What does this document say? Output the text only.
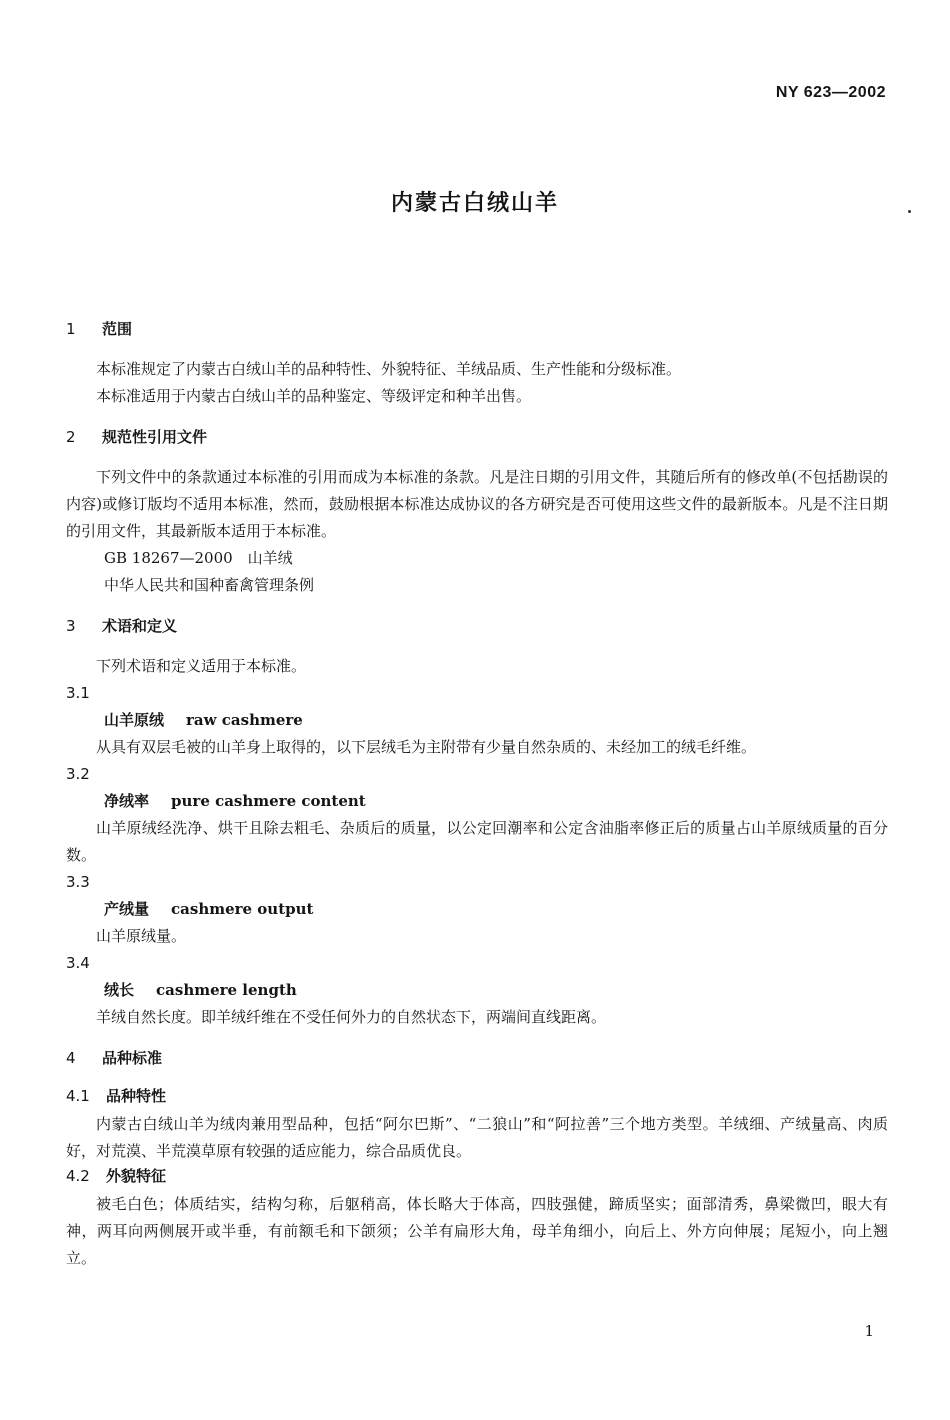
NY 623—2002
内蒙古白绒山羊
1 范围

本标准规定了内蒙古白绒山羊的品种特性、外貌特征、羊绒品质、生产性能和分级标准。

本标准适用于内蒙古白绒山羊的品种鉴定、等级评定和种羊出售。

2 规范性引用文件

下列文件中的条款通过本标准的引用而成为本标准的条款。凡是注日期的引用文件，其随后所有的修改单(不包括勘误的内容)或修订版均不适用本标准，然而，鼓励根据本标准达成协议的各方研究是否可使用这些文件的最新版本。凡是不注日期的引用文件，其最新版本适用于本标准。

GB 18267—2000　山羊绒

中华人民共和国种畜禽管理条例

3 术语和定义

下列术语和定义适用于本标准。

3.1

山羊原绒 raw cashmere

从具有双层毛被的山羊身上取得的，以下层绒毛为主附带有少量自然杂质的、未经加工的绒毛纤维。

3.2

净绒率 pure cashmere content

山羊原绒经洗净、烘干且除去粗毛、杂质后的质量，以公定回潮率和公定含油脂率修正后的质量占山羊原绒质量的百分数。

3.3

产绒量 cashmere output

山羊原绒量。

3.4

绒长 cashmere length

羊绒自然长度。即羊绒纤维在不受任何外力的自然状态下，两端间直线距离。

4 品种标准
4.1 品种特性

内蒙古白绒山羊为绒肉兼用型品种，包括“阿尔巴斯”、“二狼山”和“阿拉善”三个地方类型。羊绒细、产绒量高、肉质好，对荒漠、半荒漠草原有较强的适应能力，综合品质优良。

4.2 外貌特征

被毛白色；体质结实，结构匀称，后躯稍高，体长略大于体高，四肢强健，蹄质坚实；面部清秀，鼻梁微凹，眼大有神，两耳向两侧展开或半垂，有前额毛和下颌须；公羊有扁形大角，母羊角细小，向后上、外方向伸展；尾短小，向上翘立。

1
